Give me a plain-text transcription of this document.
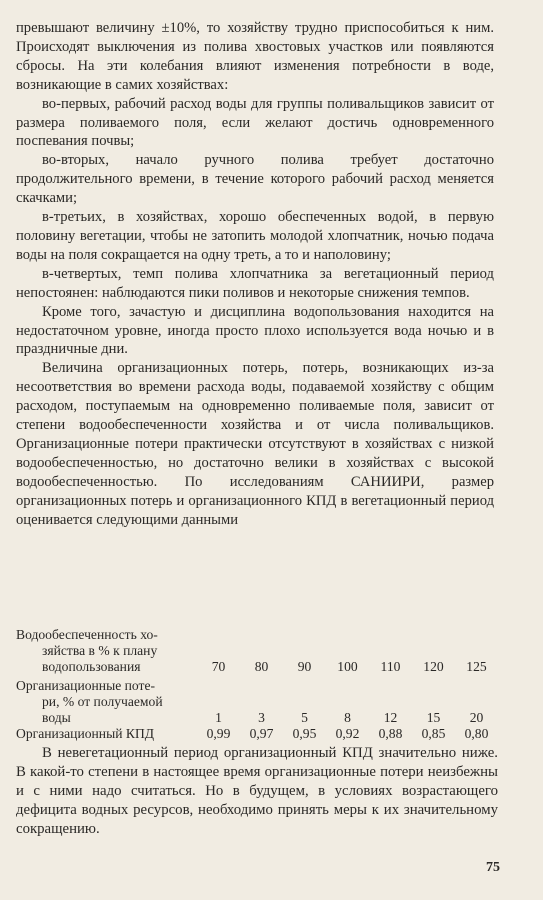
превышают величину ±10%, то хозяйству трудно приспособиться к ним. Происходят выключения из полива хвостовых участков или появляются сбросы. На эти колебания влияют изменения потребности в воде, возникающие в самих хозяйствах:

во-первых, рабочий расход воды для группы поливальщиков зависит от размера поливаемого поля, если желают достичь одновременного поспевания почвы;

во-вторых, начало ручного полива требует достаточно продолжительного времени, в течение которого рабочий расход меняется скачками;

в-третьих, в хозяйствах, хорошо обеспеченных водой, в первую половину вегетации, чтобы не затопить молодой хлопчатник, ночью подача воды на поля сокращается на одну треть, а то и наполовину;

в-четвертых, темп полива хлопчатника за вегетационный период непостоянен: наблюдаются пики поливов и некоторые снижения темпов.

Кроме того, зачастую и дисциплина водопользования находится на недостаточном уровне, иногда просто плохо используется вода ночью и в праздничные дни.

Величина организационных потерь, потерь, возникающих из-за несоответствия во времени расхода воды, подаваемой хозяйству с общим расходом, поступаемым на одновременно поливаемые поля, зависит от степени водообеспеченности хозяйства и от числа поливальщиков. Организационные потери практически отсутствуют в хозяйствах с низкой водообеспеченностью, но достаточно велики в хозяйствах с высокой водообеспеченностью. По исследованиям САНИИРИ, размер организационных потерь и организационного КПД в вегетационный период оценивается следующими данными

Водообеспеченность хо-
зяйства в % к плану
водопользования	70	80	90	100	110	120	125

Организационные поте-
ри, % от получаемой
воды	1	3	5	8	12	15	20
Организационный КПД	0,99	0,97	0,95	0,92	0,88	0,85	0,80

В невегетационный период организационный КПД значительно ниже. В какой-то степени в настоящее время организационные потери неизбежны и с ними надо считаться. Но в будущем, в условиях возрастающего дефицита водных ресурсов, необходимо принять меры к их значительному сокращению.

75
